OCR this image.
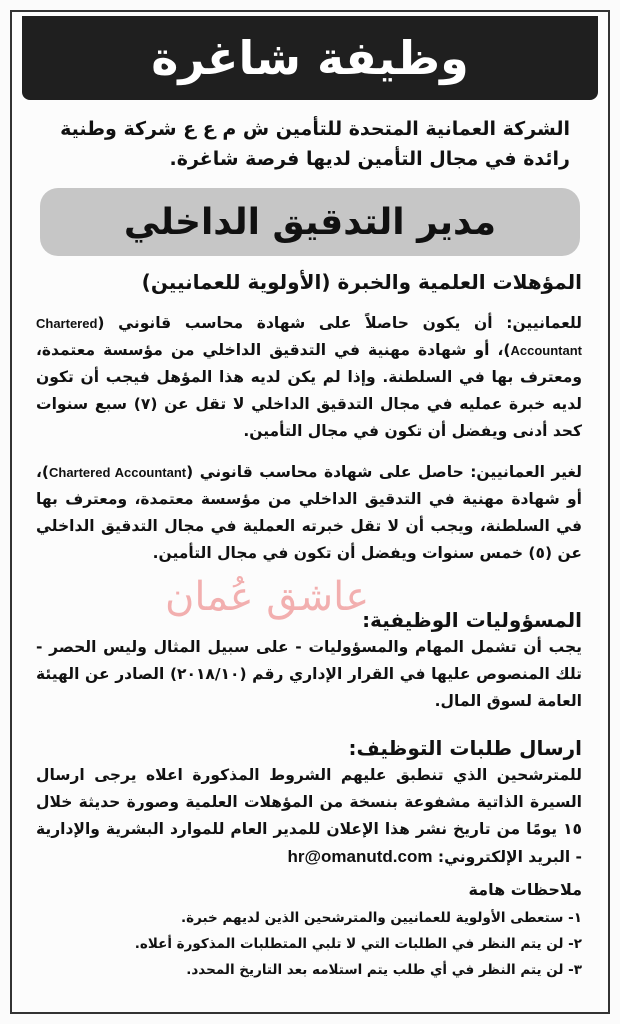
وظيفة شاغرة
الشركة العمانية المتحدة للتأمين ش م ع ع شركة وطنية رائدة في مجال التأمين لديها فرصة شاغرة.
مدير التدقيق الداخلي
المؤهلات العلمية والخبرة (الأولوية للعمانيين)
للعمانيين: أن يكون حاصلاً على شهادة محاسب قانوني (Chartered Accountant)، أو شهادة مهنية في التدقيق الداخلي من مؤسسة معتمدة، ومعترف بها في السلطنة. وإذا لم يكن لديه هذا المؤهل فيجب أن تكون لديه خبرة عمليه في مجال التدقيق الداخلي لا تقل عن (٧) سبع سنوات كحد أدنى ويفضل أن تكون في مجال التأمين.
لغير العمانيين: حاصل على شهادة محاسب قانوني (Chartered Accountant)، أو شهادة مهنية في التدقيق الداخلي من مؤسسة معتمدة، ومعترف بها في السلطنة، ويجب أن لا تقل خبرته العملية في مجال التدقيق الداخلي عن (٥) خمس سنوات ويفضل أن تكون في مجال التأمين.
عاشق عُمان
المسؤوليات الوظيفية:
يجب أن تشمل المهام والمسؤوليات - على سبيل المثال وليس الحصر - تلك المنصوص عليها في القرار الإداري رقم (٢٠١٨/١٠) الصادر عن الهيئة العامة لسوق المال.
ارسال طلبات التوظيف:
للمترشحين الذي تنطبق عليهم الشروط المذكورة اعلاه يرجى ارسال السيرة الذاتية مشفوعة بنسخة من المؤهلات العلمية وصورة حديثة خلال ١٥ يومًا من تاريخ نشر هذا الإعلان للمدير العام للموارد البشرية والإدارية - البريد الإلكتروني: hr@omanutd.com
ملاحظات هامة
١- ستعطى الأولوية للعمانيين والمترشحين الذين لديهم خبرة.
٢- لن يتم النظر في الطلبات التي لا تلبي المتطلبات المذكورة أعلاه.
٣- لن يتم النظر في أي طلب يتم استلامه بعد التاريخ المحدد.
